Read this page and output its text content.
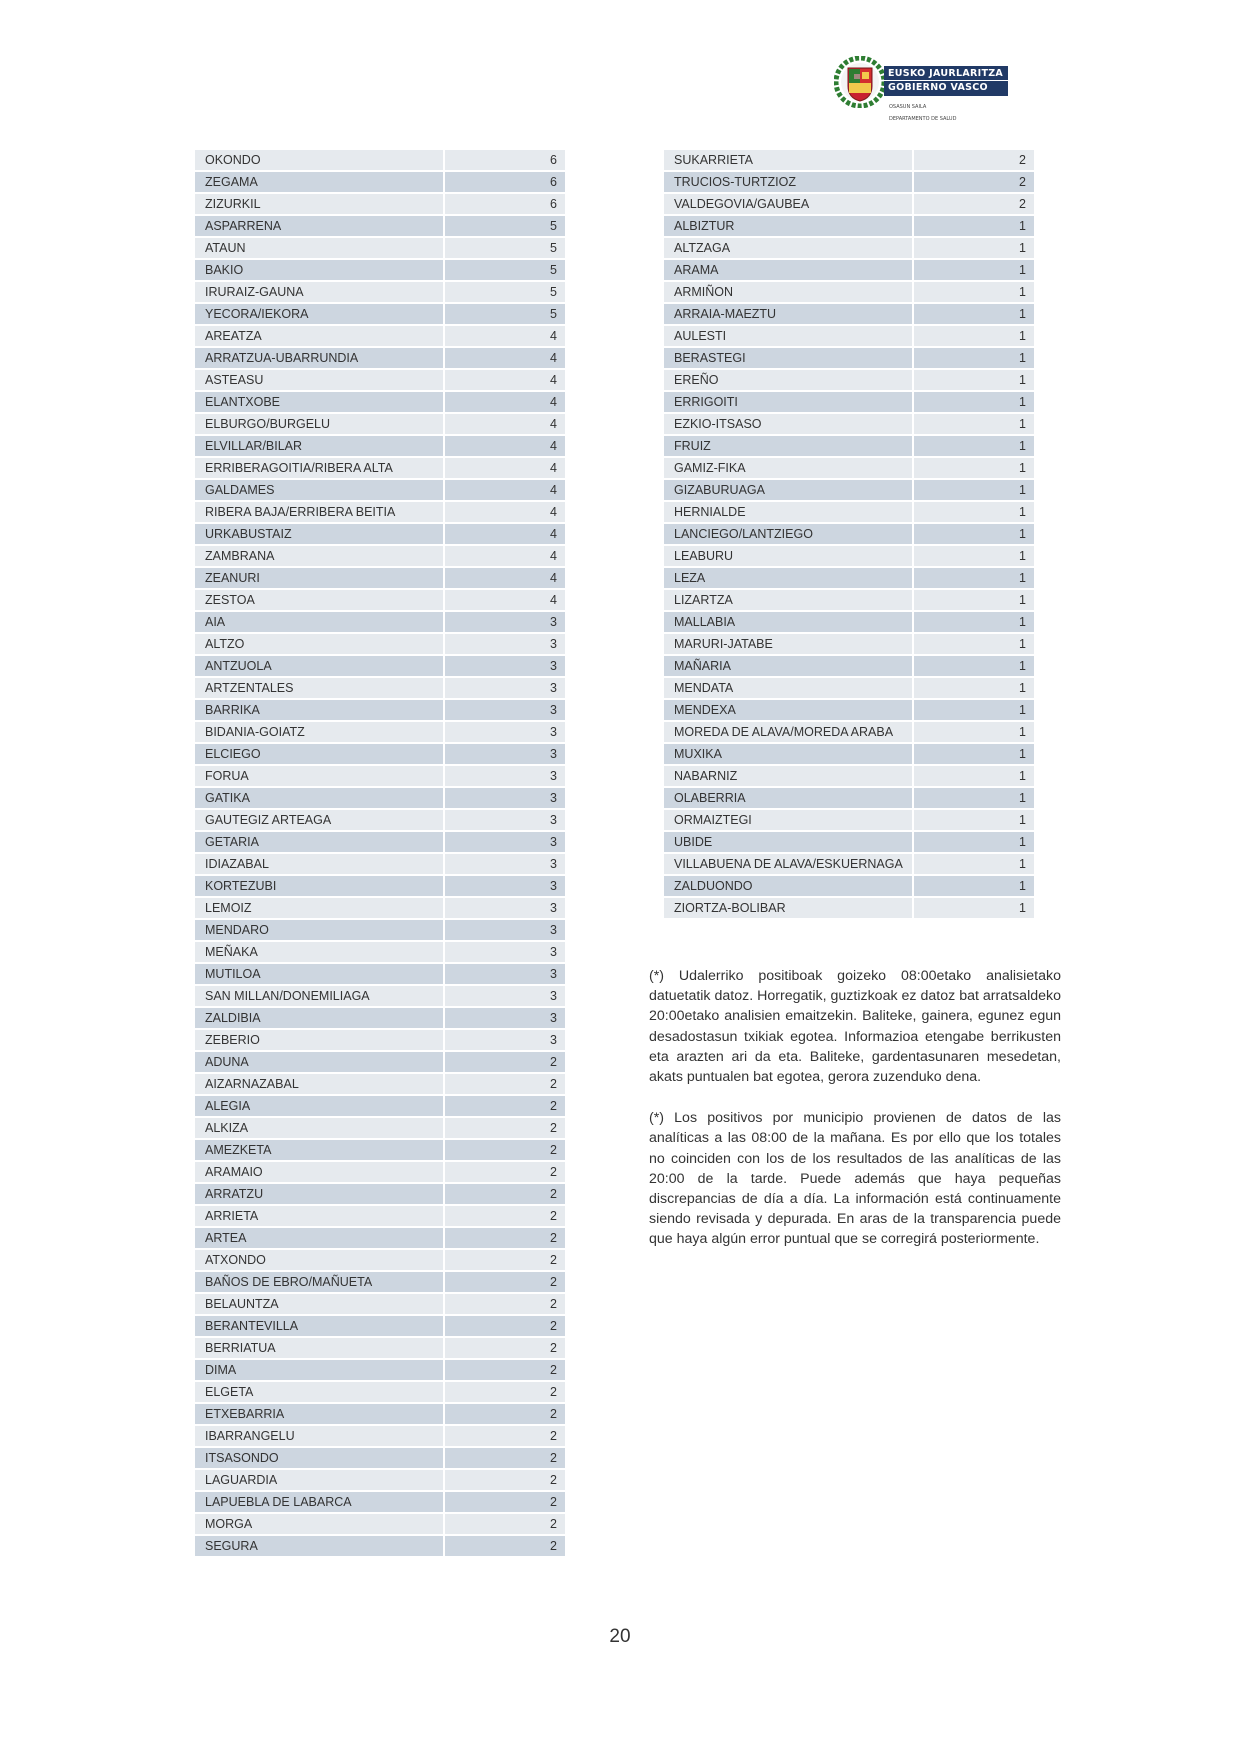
EUSKO JAURLARITZA
GOBIERNO VASCO
OSASUN SAILA
DEPARTAMENTO DE SALUD
OKONDO	6
ZEGAMA	6
ZIZURKIL	6
ASPARRENA	5
ATAUN	5
BAKIO	5
IRURAIZ-GAUNA	5
YECORA/IEKORA	5
AREATZA	4
ARRATZUA-UBARRUNDIA	4
ASTEASU	4
ELANTXOBE	4
ELBURGO/BURGELU	4
ELVILLAR/BILAR	4
ERRIBERAGOITIA/RIBERA ALTA	4
GALDAMES	4
RIBERA BAJA/ERRIBERA BEITIA	4
URKABUSTAIZ	4
ZAMBRANA	4
ZEANURI	4
ZESTOA	4
AIA	3
ALTZO	3
ANTZUOLA	3
ARTZENTALES	3
BARRIKA	3
BIDANIA-GOIATZ	3
ELCIEGO	3
FORUA	3
GATIKA	3
GAUTEGIZ ARTEAGA	3
GETARIA	3
IDIAZABAL	3
KORTEZUBI	3
LEMOIZ	3
MENDARO	3
MEÑAKA	3
MUTILOA	3
SAN MILLAN/DONEMILIAGA	3
ZALDIBIA	3
ZEBERIO	3
ADUNA	2
AIZARNAZABAL	2
ALEGIA	2
ALKIZA	2
AMEZKETA	2
ARAMAIO	2
ARRATZU	2
ARRIETA	2
ARTEA	2
ATXONDO	2
BAÑOS DE EBRO/MAÑUETA	2
BELAUNTZA	2
BERANTEVILLA	2
BERRIATUA	2
DIMA	2
ELGETA	2
ETXEBARRIA	2
IBARRANGELU	2
ITSASONDO	2
LAGUARDIA	2
LAPUEBLA DE LABARCA	2
MORGA	2
SEGURA	2
SUKARRIETA	2
TRUCIOS-TURTZIOZ	2
VALDEGOVIA/GAUBEA	2
ALBIZTUR	1
ALTZAGA	1
ARAMA	1
ARMIÑON	1
ARRAIA-MAEZTU	1
AULESTI	1
BERASTEGI	1
EREÑO	1
ERRIGOITI	1
EZKIO-ITSASO	1
FRUIZ	1
GAMIZ-FIKA	1
GIZABURUAGA	1
HERNIALDE	1
LANCIEGO/LANTZIEGO	1
LEABURU	1
LEZA	1
LIZARTZA	1
MALLABIA	1
MARURI-JATABE	1
MAÑARIA	1
MENDATA	1
MENDEXA	1
MOREDA DE ALAVA/MOREDA ARABA	1
MUXIKA	1
NABARNIZ	1
OLABERRIA	1
ORMAIZTEGI	1
UBIDE	1
VILLABUENA DE ALAVA/ESKUERNAGA	1
ZALDUONDO	1
ZIORTZA-BOLIBAR	1

(*) Udalerriko positiboak goizeko 08:00etako analisietako datuetatik datoz. Horregatik, guztizkoak ez datoz bat arratsaldeko 20:00etako analisien emaitzekin. Baliteke, gainera, egunez egun desadostasun txikiak egotea. Informazioa etengabe berrikusten eta arazten ari da eta. Baliteke, gardentasunaren mesedetan, akats puntualen bat egotea, gerora zuzenduko dena.

(*) Los positivos por municipio provienen de datos de las analíticas a las 08:00 de la mañana. Es por ello que los totales no coinciden con los de los resultados de las analíticas de las 20:00 de la tarde. Puede además que haya pequeñas discrepancias de día a día. La información está continuamente siendo revisada y depurada. En aras de la transparencia puede que haya algún error puntual que se corregirá posteriormente.

20
